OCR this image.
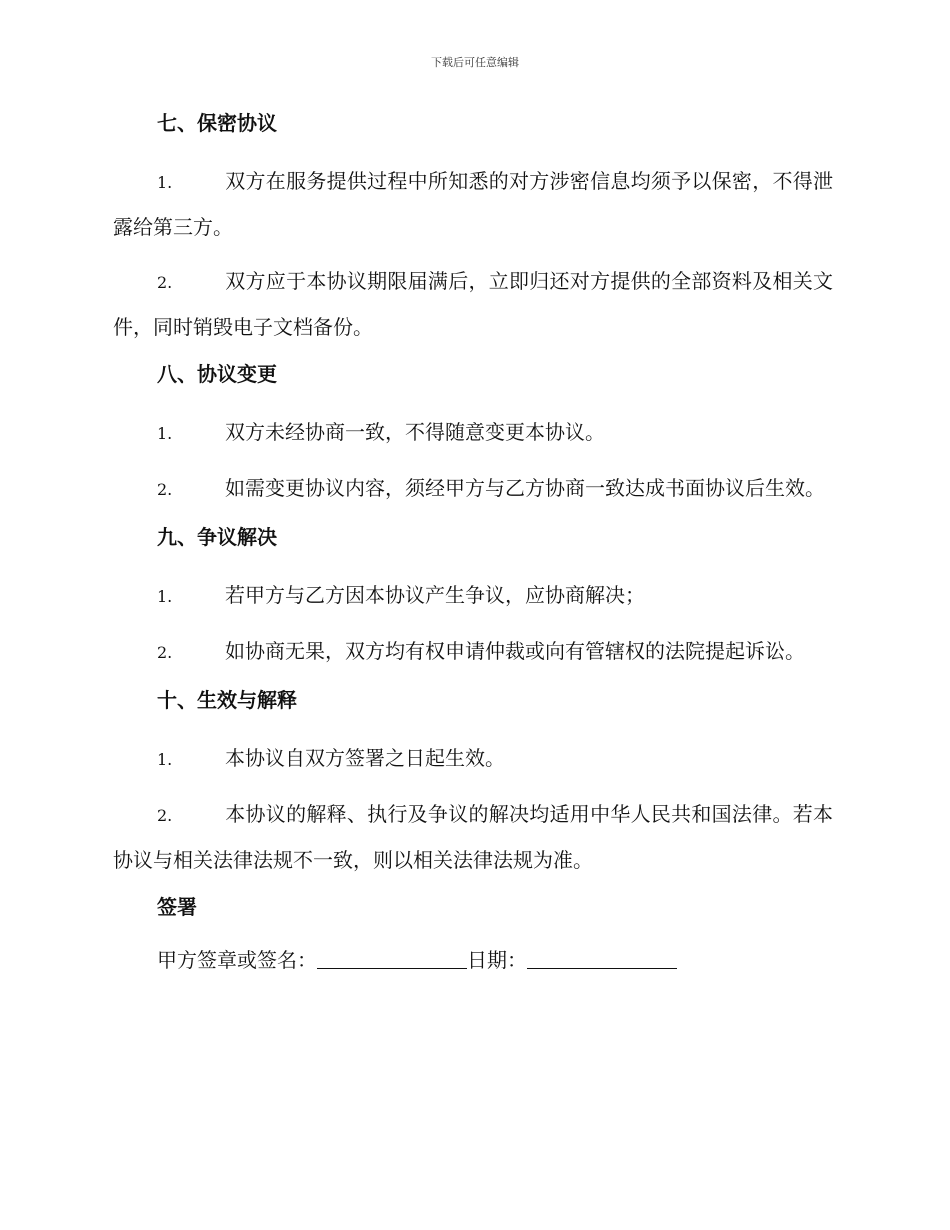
下载后可任意编辑
七、保密协议
1.	双方在服务提供过程中所知悉的对方涉密信息均须予以保密，不得泄露给第三方。
2.	双方应于本协议期限届满后，立即归还对方提供的全部资料及相关文件，同时销毁电子文档备份。
八、协议变更
1.	双方未经协商一致，不得随意变更本协议。
2.	如需变更协议内容，须经甲方与乙方协商一致达成书面协议后生效。
九、争议解决
1.	若甲方与乙方因本协议产生争议，应协商解决；
2.	如协商无果，双方均有权申请仲裁或向有管辖权的法院提起诉讼。
十、生效与解释
1.	本协议自双方签署之日起生效。
2.	本协议的解释、执行及争议的解决均适用中华人民共和国法律。若本协议与相关法律法规不一致，则以相关法律法规为准。
签署
甲方签章或签名：	日期：
